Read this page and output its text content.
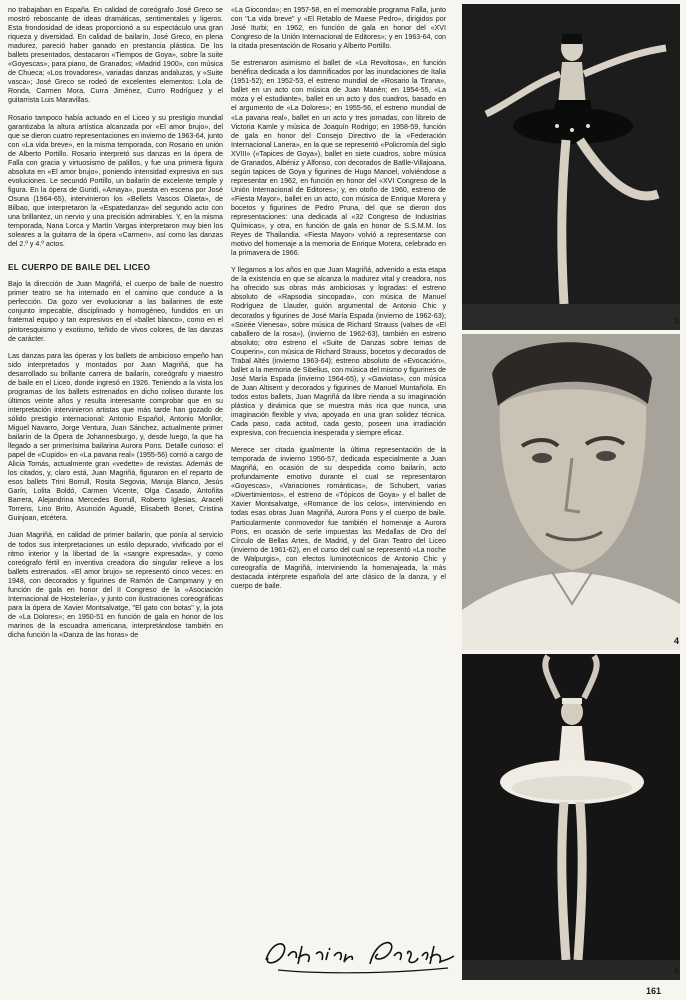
no trabajaban en España. En calidad de coreógrafo José Greco se mostró reboscante de ideas dramáticas, sentimentales y ligeros. Esta frondosidad de ideas proporcionó a su espectáculo una gran riqueza y diversidad. En calidad de bailarín, José Greco, en plena madurez, pareció haber ganado en prestancia plástica. De los ballets presentados, destacaron «Tiempos de Goya», sobre la suite «Goyescas», para piano, de Granados; «Madrid 1900», con música de Chueca; «Los trovadores», variadas danzas andaluzas, y «Suite vasca»; José Greco se rodeó de excelentes elementos: Lola de Ronda, Carmen Mora, Curra Jiménez, Curro Rodríguez y el guitarrista Luis Maravillas.

Rosario tampoco había actuado en el Liceo y su prestigio mundial garantizaba la altura artística alcanzada por «El amor brujo», del que se dieron cuatro representaciones en invierno de 1963-64, junto con «La vida breve», en la misma temporada, con Rosario en unión de Alberto Portillo. Rosario interpretó sus danzas en la ópera de Falla con gracia y virtuosismo de palillos, y fue una primera figura absoluta en «El amor brujo», poniendo intensidad expresiva en sus evoluciones. Le secundó Portillo, un bailarín de excelente temple y figura. En la ópera de Guridi, «Amaya», puesta en escena por José Osuna (1964-65), intervinieron los «Bellets Vascos Olaeta», de Bilbao, que interpretaron la «Espatedanza» del segundo acto con una brillantez, un nervio y una precisión admirables. Y, en la misma temporada, Nana Lorca y Martín Vargas interpretaron muy bien los soleares a la guitarra de la ópera «Carmen», así como las danzas del 2.º y 4.º actos.

EL CUERPO DE BAILE DEL LICEO

Bajo la dirección de Juan Magriñá, el cuerpo de baile de nuestro primer teatro se ha internado en el camino que conduce a la perfección. Da gozo ver evolucionar a las bailarines de este conjunto impecable, disciplinado y homogéneo, fundidos en un fraternal equipo y tan expresivos en el «ballet blanco», como en el pintoresquismo y exotismo, teñido de vivos colores, de las danzas de carácter.

Las danzas para las óperas y los ballets de ambicioso empeño han sido interpretados y montados por Juan Magriñá, que ha desarrollado su brillante carrera de bailarín, coreógrafo y maestro de baile en el Liceo, donde ingresó en 1926. Teniendo a la vista los programas de los ballets estrenados en dicho coliseo durante los últimos veinte años y resulta interesante comprobar que en su interpretación intervinieron artistas que más tarde han gozado de sólido prestigio internacional: Antonio Español, Antonio Monllor, Miguel Navarro, Jorge Ventura, Juan Sánchez, actualmente primer bailarín de la Ópera de Johannesburgo, y, desde luego, la que ha llegado a ser primerísima bailarina Aurora Pons. Detalle curioso: el papel de «Cupido» en «La pavana real» (1955-56) corrió a cargo de Alicia Tomás, actualmente gran «vedette» de revistas. Además de los citados, y, claro está, Juan Magriñá, figuraron en el reparto de esos ballets Trini Borrull, Rosita Segovia, Maruja Blanco, Jesús Garín, Lolita Boldó, Carmen Vicente, Olga Casado, Antoñita Barrera, Alejandrina Mercedes Borrull, Roberto Iglesias, Araceli Torrens, Lino Brito, Asunción Aguadé, Elisabeth Bonet, Cristina Guinjoan, etcétera.

Juan Magriñá, en calidad de primer bailarín, que ponía al servicio de todos sus interpretaciones un estilo depurado, vivificado por el ritmo interior y la libertad de la «sangre expresada», y como coreógrafo fértil en inventiva creadora dio singular relieve a los ballets estrenados. «El amor brujo» se representó cinco veces: en 1948, con decorados y figurines de Ramón de Campmany y en función de gala en honor del II Congreso de la «Asociación Internacional de Hostelería», y junto con ilustraciones coreográficas para la ópera de Xavier Montsalvatge, "El gato con botas" y, la jota de «La Dolores»; en 1950-51 en función de gala en honor de los marinos de la escuadra americana, interpretándose también en dicha función la «Danza de las horas» de

«La Gioconda»; en 1957-58, en el memorable programa Falla, junto con "La vida breve" y «El Retablo de Maese Pedro», dirigidos por José Iturbi; en 1962, en función de gala en honor del «XVI Congreso de la Unión Internacional de Editores»; y en 1963-64, con la citada presentación de Rosario y Alberto Portillo.

Se estrenaron asimismo el ballet de «La Revoltosa», en función benéfica dedicada a los damnificados por las inundaciones de Italia (1951-52); en 1952-53, el estreno mundial de «Rosario la Tirana», ballet en un acto con música de Juan Manén; en 1954-55, «La moza y el estudiante», ballet en un acto y dos cuadros, basado en el argumento de «La Dolores»; en 1955-56, el estreno mundial de «La pavana real», ballet en un acto y tres jornadas, con libreto de Victoria Kamle y música de Joaquín Rodrigo; en 1958-59, función de gala en honor del Consejo Directivo de la «Federación Internacional Lanera», en la que se representó «Policromía del siglo XVIII» («Tapices de Goya»), ballet en siete cuadros, sobre música de Granados, Albéniz y Alfonso, con decorados de Batlle-Villajoana, según tapices de Goya y figurines de Hugo Manoel, volviéndose a representar en 1962, en función en honor del «XVI Congreso de la Unión Internacional de Editores»; y, en otoño de 1960, estreno de «Fiesta Mayor», ballet en un acto, con música de Enrique Morera y bocetos y figurines de Pedro Pruna, del que se dieron dos representaciones: una dedicada al «32 Congreso de Industrias Químicas», y otra, en función de gala en honor de S.S.M.M. los Reyes de Thailandia. «Fiesta Mayor» volvió a representarse con motivo del homenaje a la memoria de Enrique Morera, celebrado en la primavera de 1966.

Y llegamos a los años en que Juan Magriñá, advenido a esta etapa de la existencia en que se alcanza la madurez vital y creadora, nos ha ofrecido sus obras más ambiciosas y logradas: el estreno absoluto de «Rapsodia sincopada», con música de Manuel Rodríguez de Llauder, guión argumental de Antonio Chic y decorados y figurines de José María Espada (invierno de 1962-63); «Soirée Vienesa», sobre música de Richard Strauss (valses de «El caballero de la rosa»), (invierno de 1962-63), también en estreno absoluto; otro estreno el «Suite de Danzas sobre temas de Couperin», con música de Richard Strauss, bocetos y decorados de Trabal Altés (invierno 1963-64); estreno absoluto de «Evocación», ballet a la memoria de Sibelius, con música del mismo y figurines de José María Espada (invierno 1964-65), y «Gaviotas», con música de Juan Altisent y decorados y figurines de Manuel Muntañola. En todos estos ballets, Juan Magriñá da libre rienda a su imaginación plástica y dinámica que se muestra más rica que nunca, una imaginación flexible y viva, apoyada en una gran solidez técnica. Cada paso, cada actitud, cada gesto, poseen una irradiación expresiva, con frecuencia inesperada y siempre eficaz.

Merece ser citada igualmente la última representación de la temporada de invierno 1956-57, dedicada especialmente a Juan Magriñá, en ocasión de su despedida como bailarín, acto profundamente emotivo durante el cual se representaron «Goyescas», «Variaciones románticas», de Schubert, varias «Divertimientos», el estreno de «Tópicos de Goya» y el ballet de Xavier Montsalvatge, «Romance de los celos», interviniendo en todas esas obras Juan Magriñá, Aurora Pons y el cuerpo de baile. Particularmente conmovedor fue también el homenaje a Aurora Pons, en ocasión de serle impuestas las Medallas de Oro del Círculo de Bellas Artes, de Madrid, y del Gran Teatro del Liceo (invierno de 1961-62), en el curso del cual se representó «La noche de Walpurgis», con efectos luminotécnicos de Antonio Chic y coreografía de Magriñá, interviniendo la homenajeada, la más destacada intérprete española del arte clásico de la danza, y el cuerpo de baile.

3
4
5
161
